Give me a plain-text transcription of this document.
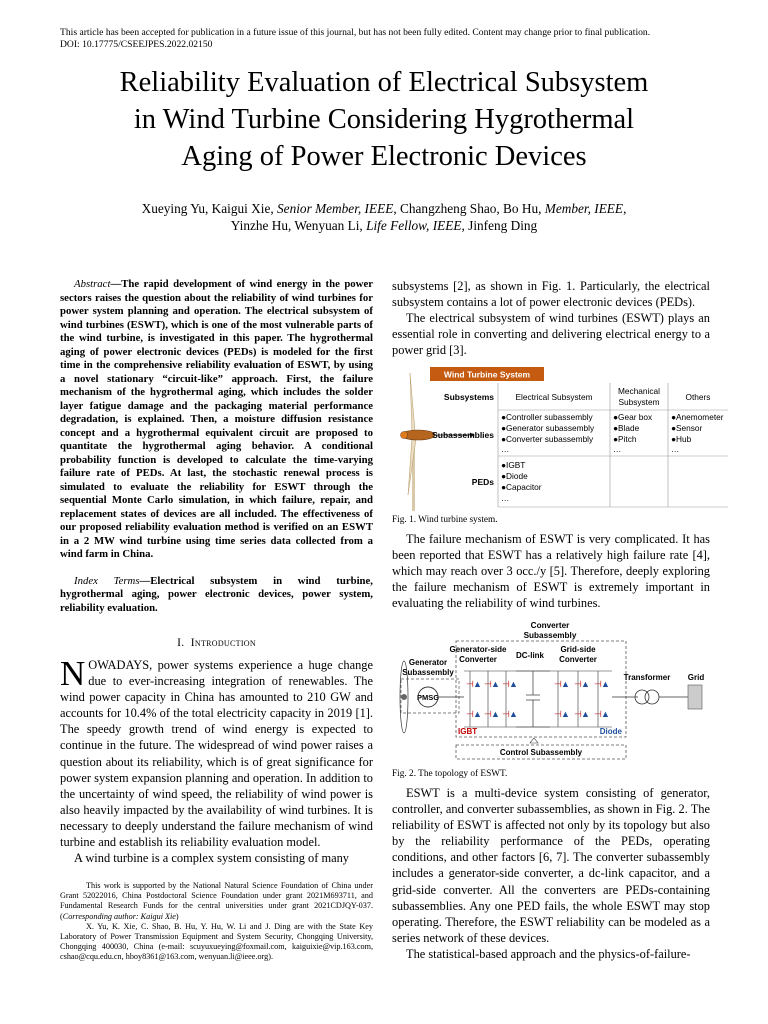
This article has been accepted for publication in a future issue of this journal, but has not been fully edited. Content may change prior to final publication.
DOI: 10.17775/CSEEJPES.2022.02150
Reliability Evaluation of Electrical Subsystem
in Wind Turbine Considering Hygrothermal
Aging of Power Electronic Devices
Xueying Yu, Kaigui Xie, Senior Member, IEEE, Changzheng Shao, Bo Hu, Member, IEEE,
Yinzhe Hu, Wenyuan Li, Life Fellow, IEEE, Jinfeng Ding

Abstract—The rapid development of wind energy in the power sectors raises the question about the reliability of wind turbines for power system planning and operation. The electrical subsystem of wind turbines (ESWT), which is one of the most vulnerable parts of the wind turbine, is investigated in this paper. The hygrothermal aging of power electronic devices (PEDs) is modeled for the first time in the comprehensive reliability evaluation of ESWT, by using a novel stationary “circuit-like” approach. First, the failure mechanism of the hygrothermal aging, which includes the solder layer fatigue damage and the packaging material performance degradation, is explained. Then, a moisture diffusion resistance concept and a hygrothermal equivalent circuit are proposed to quantitate the hygrothermal aging behavior. A conditional probability function is developed to calculate the time-varying failure rate of PEDs. At last, the stochastic renewal process is simulated to evaluate the reliability for ESWT through the sequential Monte Carlo simulation, in which failure, repair, and replacement states of devices are all included. The effectiveness of our proposed reliability evaluation method is verified on an ESWT in a 2 MW wind turbine using time series data collected from a wind farm in China.

Index Terms—Electrical subsystem in wind turbine, hygrothermal aging, power electronic devices, power system, reliability evaluation.

I. Introduction

NOWADAYS, power systems experience a huge change due to ever-increasing integration of renewables. The wind power capacity in China has amounted to 210 GW and accounts for 10.4% of the total electricity capacity in 2019 [1]. The speedy growth trend of wind energy is expected to continue in the future. The widespread of wind power raises a question about its reliability, which is of great significance for power system expansion planning and operation. In addition to the uncertainty of wind speed, the reliability of wind power is also heavily impacted by the availability of wind turbines. It is necessary to deeply understand the failure mechanism of wind turbine and establish its reliability evaluation model.

A wind turbine is a complex system consisting of many

This work is supported by the National Natural Science Foundation of China under Grant 52022016, China Postdoctoral Science Foundation under grant 2021M693711, and Fundamental Research Funds for the central universities under grant 2021CDJQY-037. (Corresponding author: Kaigui Xie)

X. Yu, K. Xie, C. Shao, B. Hu, Y. Hu, W. Li and J. Ding are with the State Key Laboratory of Power Transmission Equipment and System Security, Chongqing University, Chongqing 400030, China (e-mail: scuyuxueying@foxmail.com, kaiguixie@vip.163.com, cshao@cqu.edu.cn, hboy8361@163.com, wenyuan.li@ieee.org).

subsystems [2], as shown in Fig. 1. Particularly, the electrical subsystem contains a lot of power electronic devices (PEDs).

The electrical subsystem of wind turbines (ESWT) plays an essential role in converting and delivering electrical energy to a power grid [3].

Wind Turbine System
Subsystems
Subassemblies
PEDs
Electrical Subsystem
Mechanical
Subsystem	Others
●Controller subassembly
●Generator subassembly
●Converter subassembly
…
●Gear box
●Blade
●Pitch
…
●Anemometer
●Sensor
●Hub
…
●IGBT
●Diode
●Capacitor
…

Fig. 1. Wind turbine system.

The failure mechanism of ESWT is very complicated. It has been reported that ESWT has a relatively high failure rate [4], which may reach over 3 occ./y [5]. Therefore, deeply exploring the failure mechanism of ESWT is extremely important in evaluating the reliability of wind turbines.

Converter
Subassembly
Generator-side
Converter DC-link
Grid-side
Converter
Generator
Subassembly
PMSG
⊣ ⊣ ⊣
⊣ ⊣ ⊣
⊣ ⊣ ⊣
⊣ ⊣ ⊣
▲ ▲ ▲
▲ ▲ ▲
▲ ▲ ▲
▲ ▲ ▲
Transformer Grid
IGBT	Diode
Control Subassembly

Fig. 2. The topology of ESWT.

ESWT is a multi-device system consisting of generator, controller, and converter subassemblies, as shown in Fig. 2. The reliability of ESWT is affected not only by its topology but also by the reliability performance of the PEDs, operating conditions, and other factors [6, 7]. The converter subassembly includes a generator-side converter, a dc-link capacitor, and a grid-side converter. All the converters are PEDs-containing subassemblies. Any one PED fails, the whole ESWT may stop operating. Therefore, the ESWT reliability can be modeled as a series network of these devices.

The statistical-based approach and the physics-of-failure-
